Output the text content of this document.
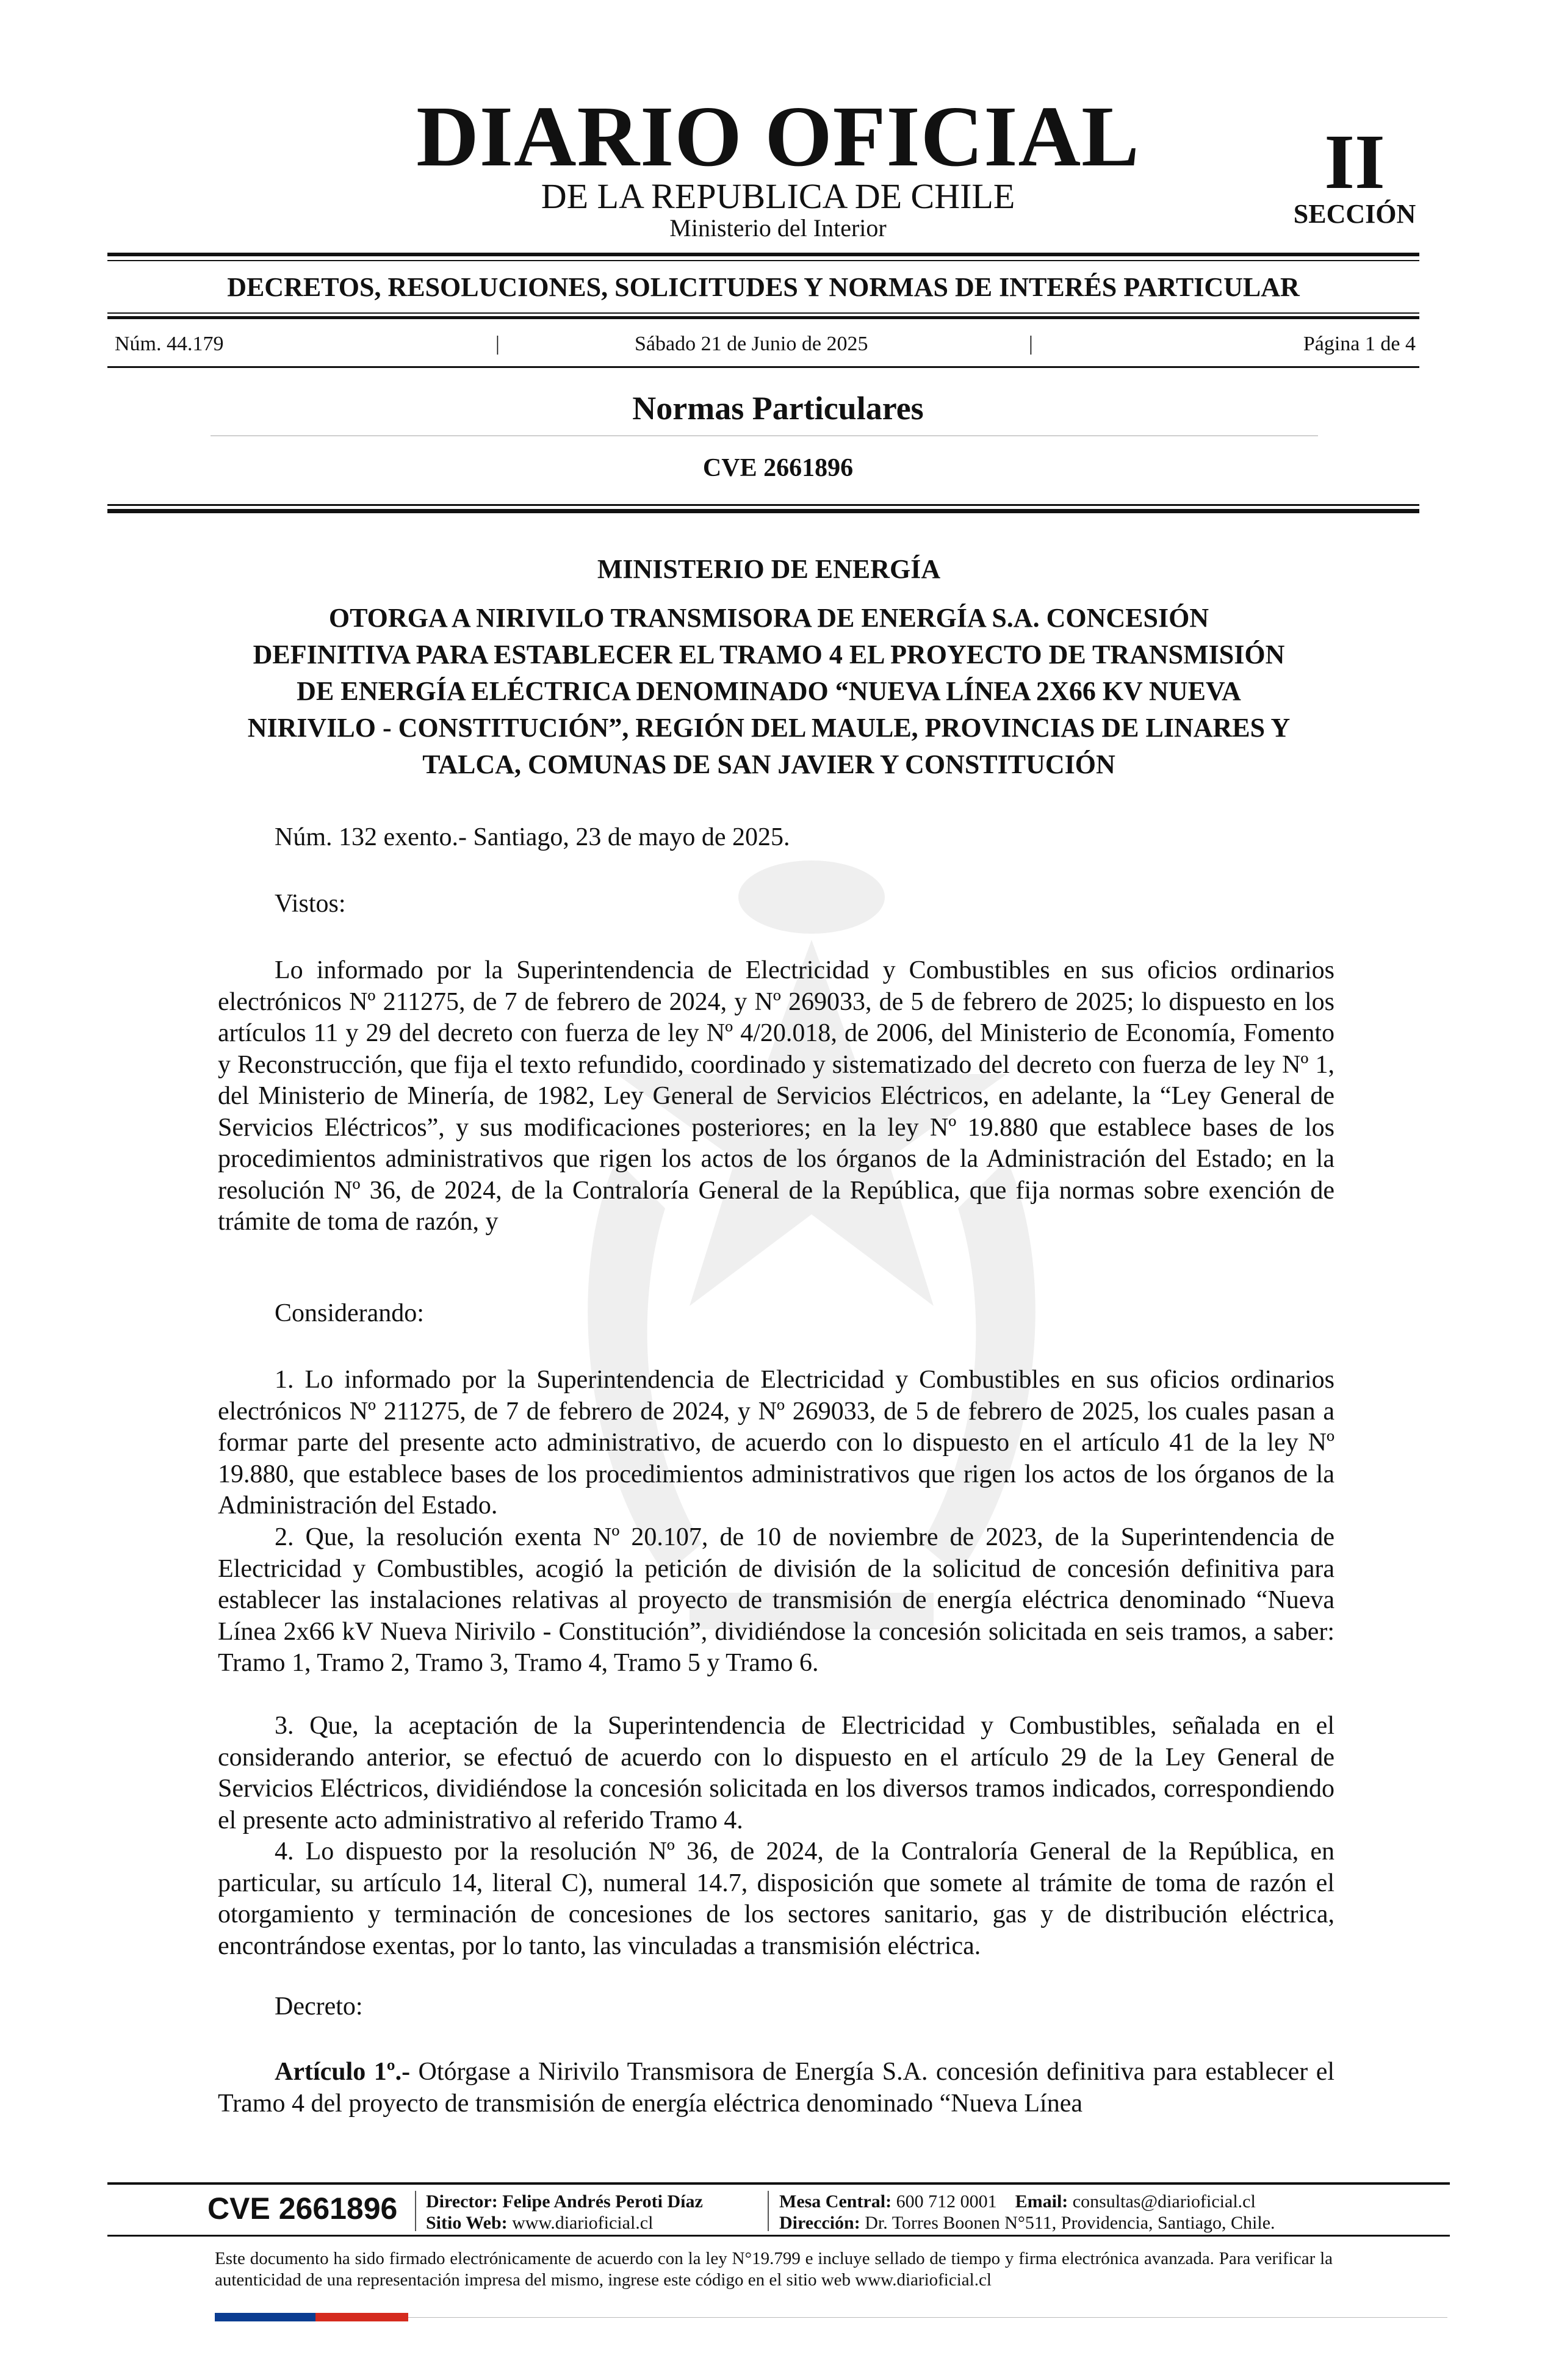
DIARIO OFICIAL
DE LA REPUBLICA DE CHILE
Ministerio del Interior
II
SECCIÓN
DECRETOS, RESOLUCIONES, SOLICITUDES Y NORMAS DE INTERÉS PARTICULAR
Núm. 44.179	|	Sábado 21 de Junio de 2025	|	Página 1 de 4
Normas Particulares
CVE 2661896
MINISTERIO DE ENERGÍA
OTORGA A NIRIVILO TRANSMISORA DE ENERGÍA S.A. CONCESIÓN
DEFINITIVA PARA ESTABLECER EL TRAMO 4 EL PROYECTO DE TRANSMISIÓN
DE ENERGÍA ELÉCTRICA DENOMINADO “NUEVA LÍNEA 2X66 KV NUEVA
NIRIVILO - CONSTITUCIÓN”, REGIÓN DEL MAULE, PROVINCIAS DE LINARES Y
TALCA, COMUNAS DE SAN JAVIER Y CONSTITUCIÓN
Núm. 132 exento.- Santiago, 23 de mayo de 2025.
Vistos:
Lo informado por la Superintendencia de Electricidad y Combustibles en sus oficios ordinarios electrónicos Nº 211275, de 7 de febrero de 2024, y Nº 269033, de 5 de febrero de 2025; lo dispuesto en los artículos 11 y 29 del decreto con fuerza de ley Nº 4/20.018, de 2006, del Ministerio de Economía, Fomento y Reconstrucción, que fija el texto refundido, coordinado y sistematizado del decreto con fuerza de ley Nº 1, del Ministerio de Minería, de 1982, Ley General de Servicios Eléctricos, en adelante, la “Ley General de Servicios Eléctricos”, y sus modificaciones posteriores; en la ley Nº 19.880 que establece bases de los procedimientos administrativos que rigen los actos de los órganos de la Administración del Estado; en la resolución Nº 36, de 2024, de la Contraloría General de la República, que fija normas sobre exención de trámite de toma de razón, y
Considerando:
1. Lo informado por la Superintendencia de Electricidad y Combustibles en sus oficios ordinarios electrónicos Nº 211275, de 7 de febrero de 2024, y Nº 269033, de 5 de febrero de 2025, los cuales pasan a formar parte del presente acto administrativo, de acuerdo con lo dispuesto en el artículo 41 de la ley Nº 19.880, que establece bases de los procedimientos administrativos que rigen los actos de los órganos de la Administración del Estado.
2. Que, la resolución exenta Nº 20.107, de 10 de noviembre de 2023, de la Superintendencia de Electricidad y Combustibles, acogió la petición de división de la solicitud de concesión definitiva para establecer las instalaciones relativas al proyecto de transmisión de energía eléctrica denominado “Nueva Línea 2x66 kV Nueva Nirivilo - Constitución”, dividiéndose la concesión solicitada en seis tramos, a saber: Tramo 1, Tramo 2, Tramo 3, Tramo 4, Tramo 5 y Tramo 6.
3. Que, la aceptación de la Superintendencia de Electricidad y Combustibles, señalada en el considerando anterior, se efectuó de acuerdo con lo dispuesto en el artículo 29 de la Ley General de Servicios Eléctricos, dividiéndose la concesión solicitada en los diversos tramos indicados, correspondiendo el presente acto administrativo al referido Tramo 4.
4. Lo dispuesto por la resolución Nº 36, de 2024, de la Contraloría General de la República, en particular, su artículo 14, literal C), numeral 14.7, disposición que somete al trámite de toma de razón el otorgamiento y terminación de concesiones de los sectores sanitario, gas y de distribución eléctrica, encontrándose exentas, por lo tanto, las vinculadas a transmisión eléctrica.
Decreto:
Artículo 1º.- Otórgase a Nirivilo Transmisora de Energía S.A. concesión definitiva para establecer el Tramo 4 del proyecto de transmisión de energía eléctrica denominado “Nueva Línea
CVE 2661896 Director: Felipe Andrés Peroti Díaz
Sitio Web: www.diarioficial.cl
Mesa Central: 600 712 0001 Email: consultas@diarioficial.cl
Dirección: Dr. Torres Boonen N°511, Providencia, Santiago, Chile.
Este documento ha sido firmado electrónicamente de acuerdo con la ley N°19.799 e incluye sellado de tiempo y firma electrónica avanzada. Para verificar la autenticidad de una representación impresa del mismo, ingrese este código en el sitio web www.diarioficial.cl
